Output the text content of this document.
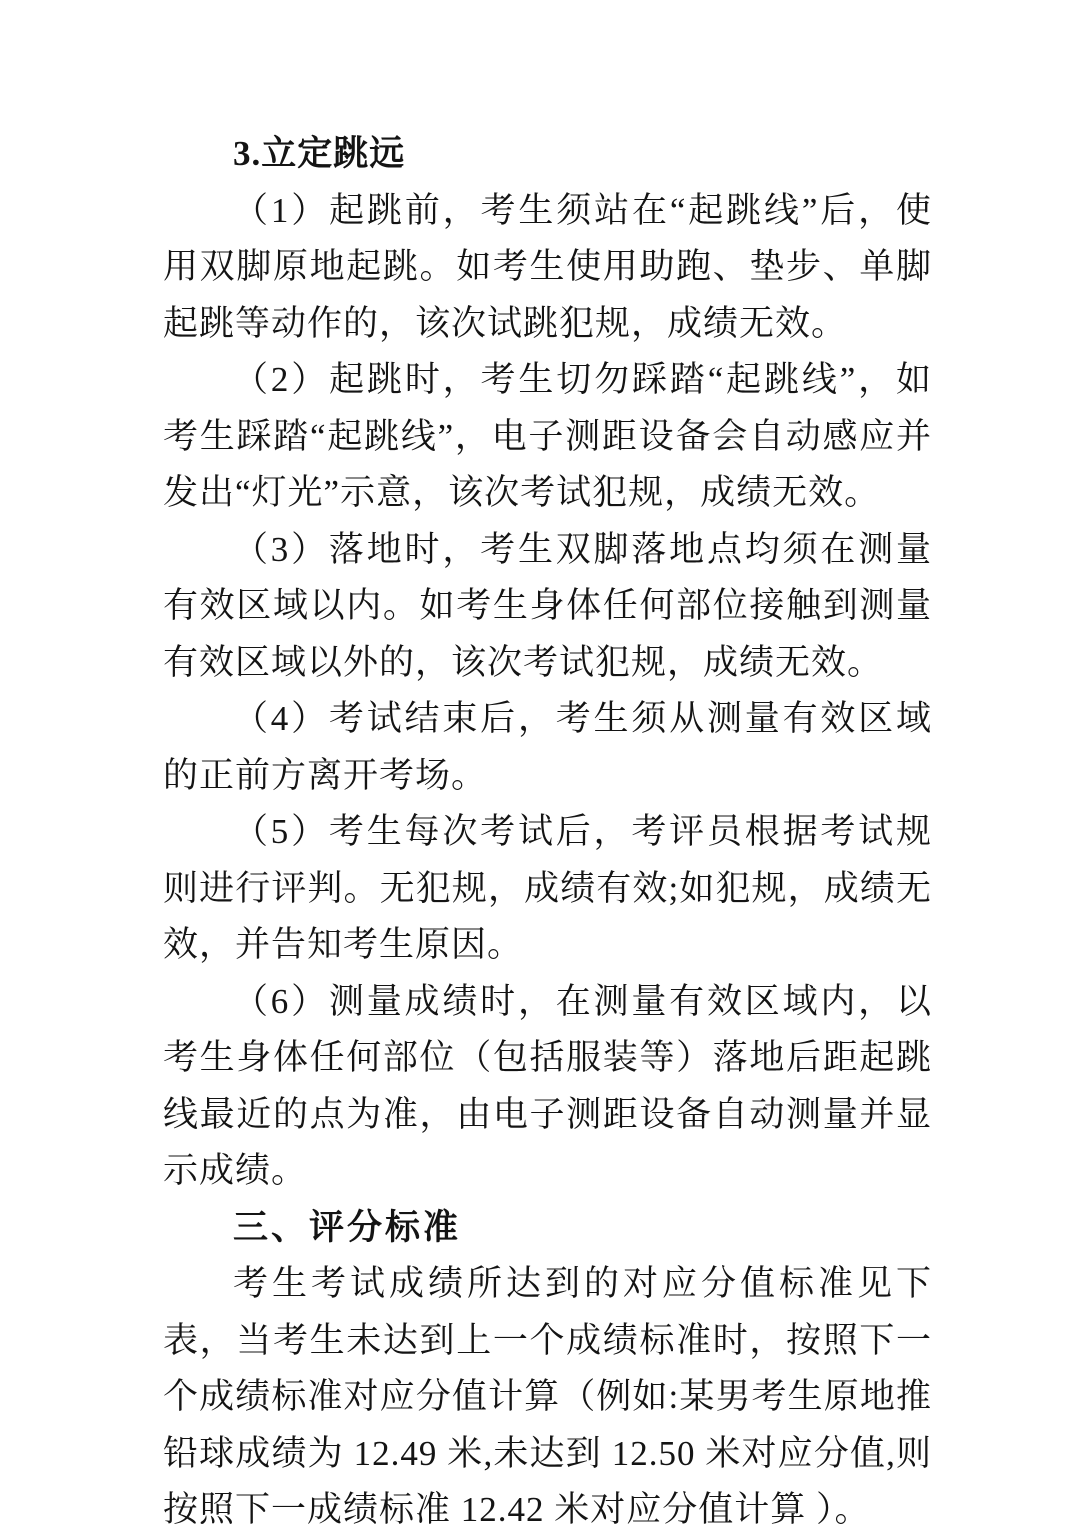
3.立定跳远

（1）起跳前，考生须站在“起跳线”后，使用双脚原地起跳。如考生使用助跑、垫步、单脚起跳等动作的，该次试跳犯规，成绩无效。

（2）起跳时，考生切勿踩踏“起跳线”，如考生踩踏“起跳线”，电子测距设备会自动感应并发出“灯光”示意，该次考试犯规，成绩无效。

（3）落地时，考生双脚落地点均须在测量有效区域以内。如考生身体任何部位接触到测量有效区域以外的，该次考试犯规，成绩无效。

（4）考试结束后，考生须从测量有效区域的正前方离开考场。

（5）考生每次考试后，考评员根据考试规则进行评判。无犯规，成绩有效;如犯规，成绩无效，并告知考生原因。

（6）测量成绩时，在测量有效区域内，以考生身体任何部位（包括服装等）落地后距起跳线最近的点为准，由电子测距设备自动测量并显示成绩。

三、评分标准

考生考试成绩所达到的对应分值标准见下表，当考生未达到上一个成绩标准时，按照下一个成绩标准对应分值计算（例如:某男考生原地推铅球成绩为 12.49 米,未达到 12.50 米对应分值,则按照下一成绩标准 12.42 米对应分值计算 ）。
